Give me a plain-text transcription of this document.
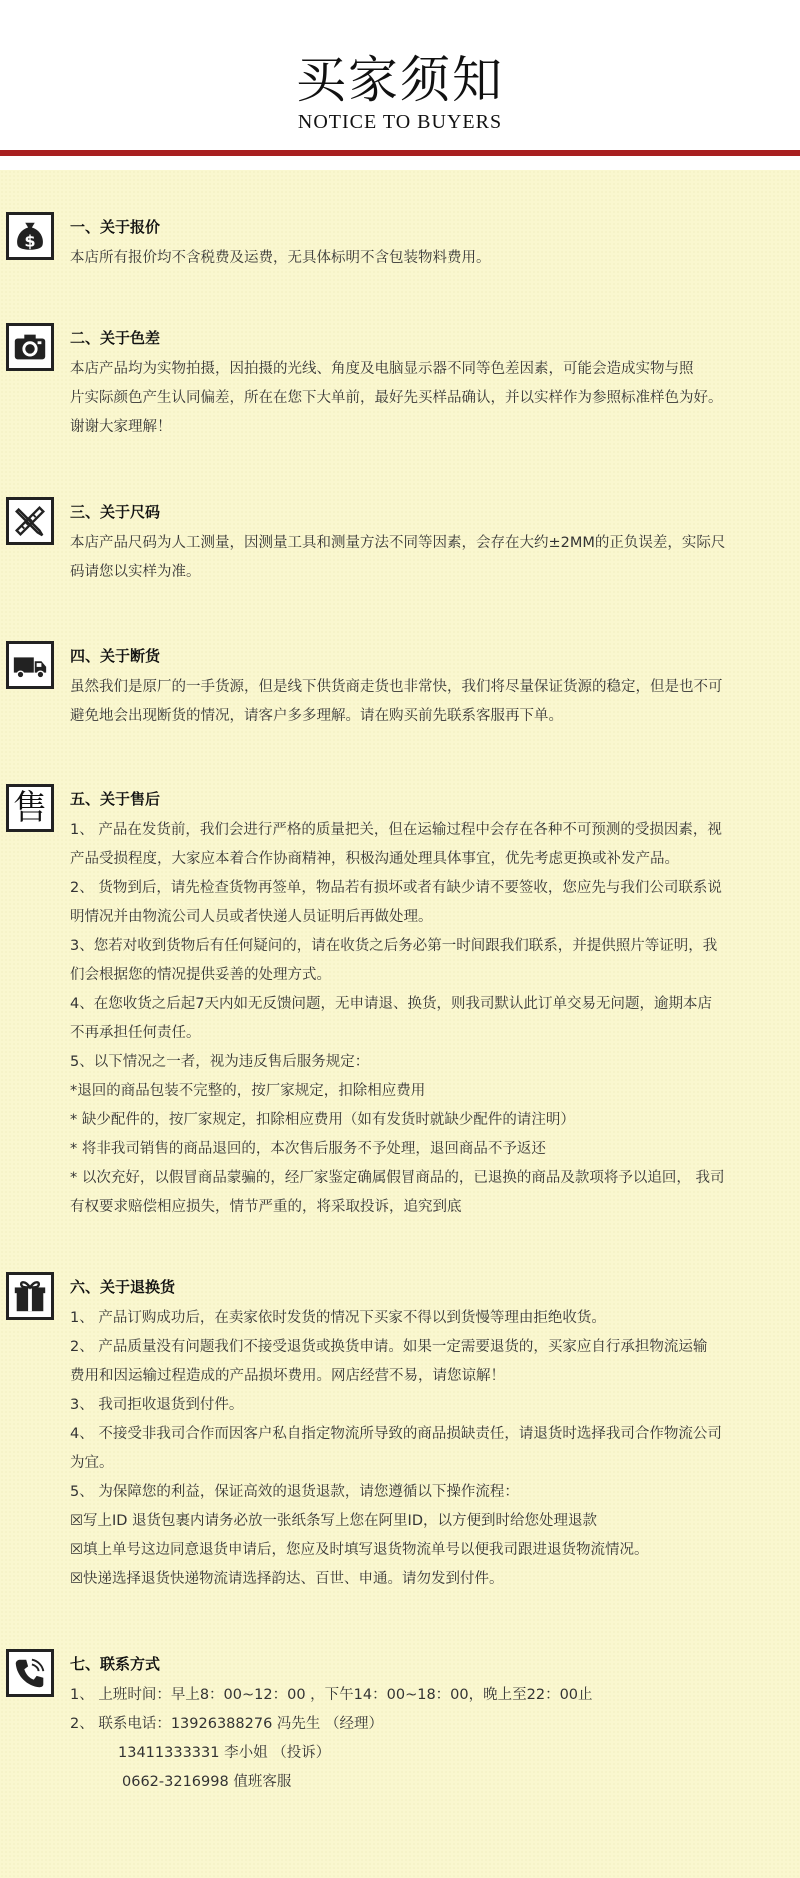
买家须知
NOTICE TO BUYERS
$
一、关于报价
本店所有报价均不含税费及运费，无具体标明不含包装物料费用。
二、关于色差
本店产品均为实物拍摄，因拍摄的光线、角度及电脑显示器不同等色差因素，可能会造成实物与照
片实际颜色产生认同偏差，所在在您下大单前，最好先买样品确认，并以实样作为参照标准样色为好。
谢谢大家理解！
三、关于尺码
本店产品尺码为人工测量，因测量工具和测量方法不同等因素，会存在大约±2MM的正负误差，实际尺
码请您以实样为准。
四、关于断货
虽然我们是原厂的一手货源，但是线下供货商走货也非常快，我们将尽量保证货源的稳定，但是也不可
避免地会出现断货的情况，请客户多多理解。请在购买前先联系客服再下单。
售 五、关于售后
1、 产品在发货前，我们会进行严格的质量把关，但在运输过程中会存在各种不可预测的受损因素，视
产品受损程度，大家应本着合作协商精神，积极沟通处理具体事宜，优先考虑更换或补发产品。
2、 货物到后，请先检查货物再签单，物品若有损坏或者有缺少请不要签收，您应先与我们公司联系说
明情况并由物流公司人员或者快递人员证明后再做处理。
3、您若对收到货物后有任何疑问的，请在收货之后务必第一时间跟我们联系，并提供照片等证明，我
们会根据您的情况提供妥善的处理方式。
4、在您收货之后起7天内如无反馈问题，无申请退、换货，则我司默认此订单交易无问题，逾期本店
不再承担任何责任。
5、以下情况之一者，视为违反售后服务规定：
*退回的商品包装不完整的，按厂家规定，扣除相应费用
* 缺少配件的，按厂家规定，扣除相应费用（如有发货时就缺少配件的请注明）
* 将非我司销售的商品退回的，本次售后服务不予处理，退回商品不予返还
* 以次充好，以假冒商品蒙骗的，经厂家鉴定确属假冒商品的，已退换的商品及款项将予以追回， 我司
有权要求赔偿相应损失，情节严重的，将采取投诉，追究到底
六、关于退换货
1、 产品订购成功后，在卖家依时发货的情况下买家不得以到货慢等理由拒绝收货。
2、 产品质量没有问题我们不接受退货或换货申请。如果一定需要退货的，买家应自行承担物流运输
费用和因运输过程造成的产品损坏费用。网店经营不易，请您谅解！
3、 我司拒收退货到付件。
4、 不接受非我司合作而因客户私自指定物流所导致的商品损缺责任，请退货时选择我司合作物流公司
为宜。
5、 为保障您的利益，保证高效的退货退款，请您遵循以下操作流程：
☒写上ID 退货包裹内请务必放一张纸条写上您在阿里ID，以方便到时给您处理退款
☒填上单号这边同意退货申请后，您应及时填写退货物流单号以便我司跟进退货物流情况。
☒快递选择退货快递物流请选择韵达、百世、申通。请勿发到付件。
七、联系方式
1、 上班时间：早上8：00~12：00 ，下午14：00~18：00，晚上至22：00止
2、 联系电话：13926388276 冯先生 （经理）
13411333331 李小姐 （投诉）
0662-3216998 值班客服
